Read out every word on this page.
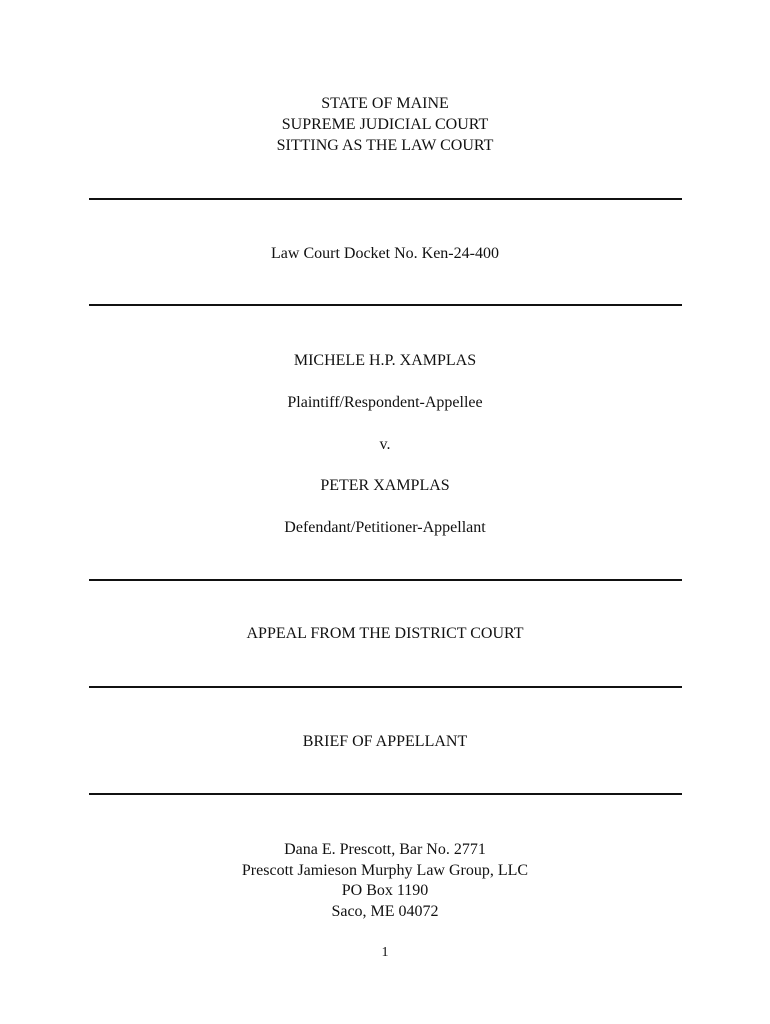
STATE OF MAINE
SUPREME JUDICIAL COURT
SITTING AS THE LAW COURT
Law Court Docket No. Ken-24-400
MICHELE H.P. XAMPLAS
Plaintiff/Respondent-Appellee
v.
PETER XAMPLAS
Defendant/Petitioner-Appellant
APPEAL FROM THE DISTRICT COURT
BRIEF OF APPELLANT
Dana E. Prescott, Bar No. 2771
Prescott Jamieson Murphy Law Group, LLC
PO Box 1190
Saco, ME 04072
1
